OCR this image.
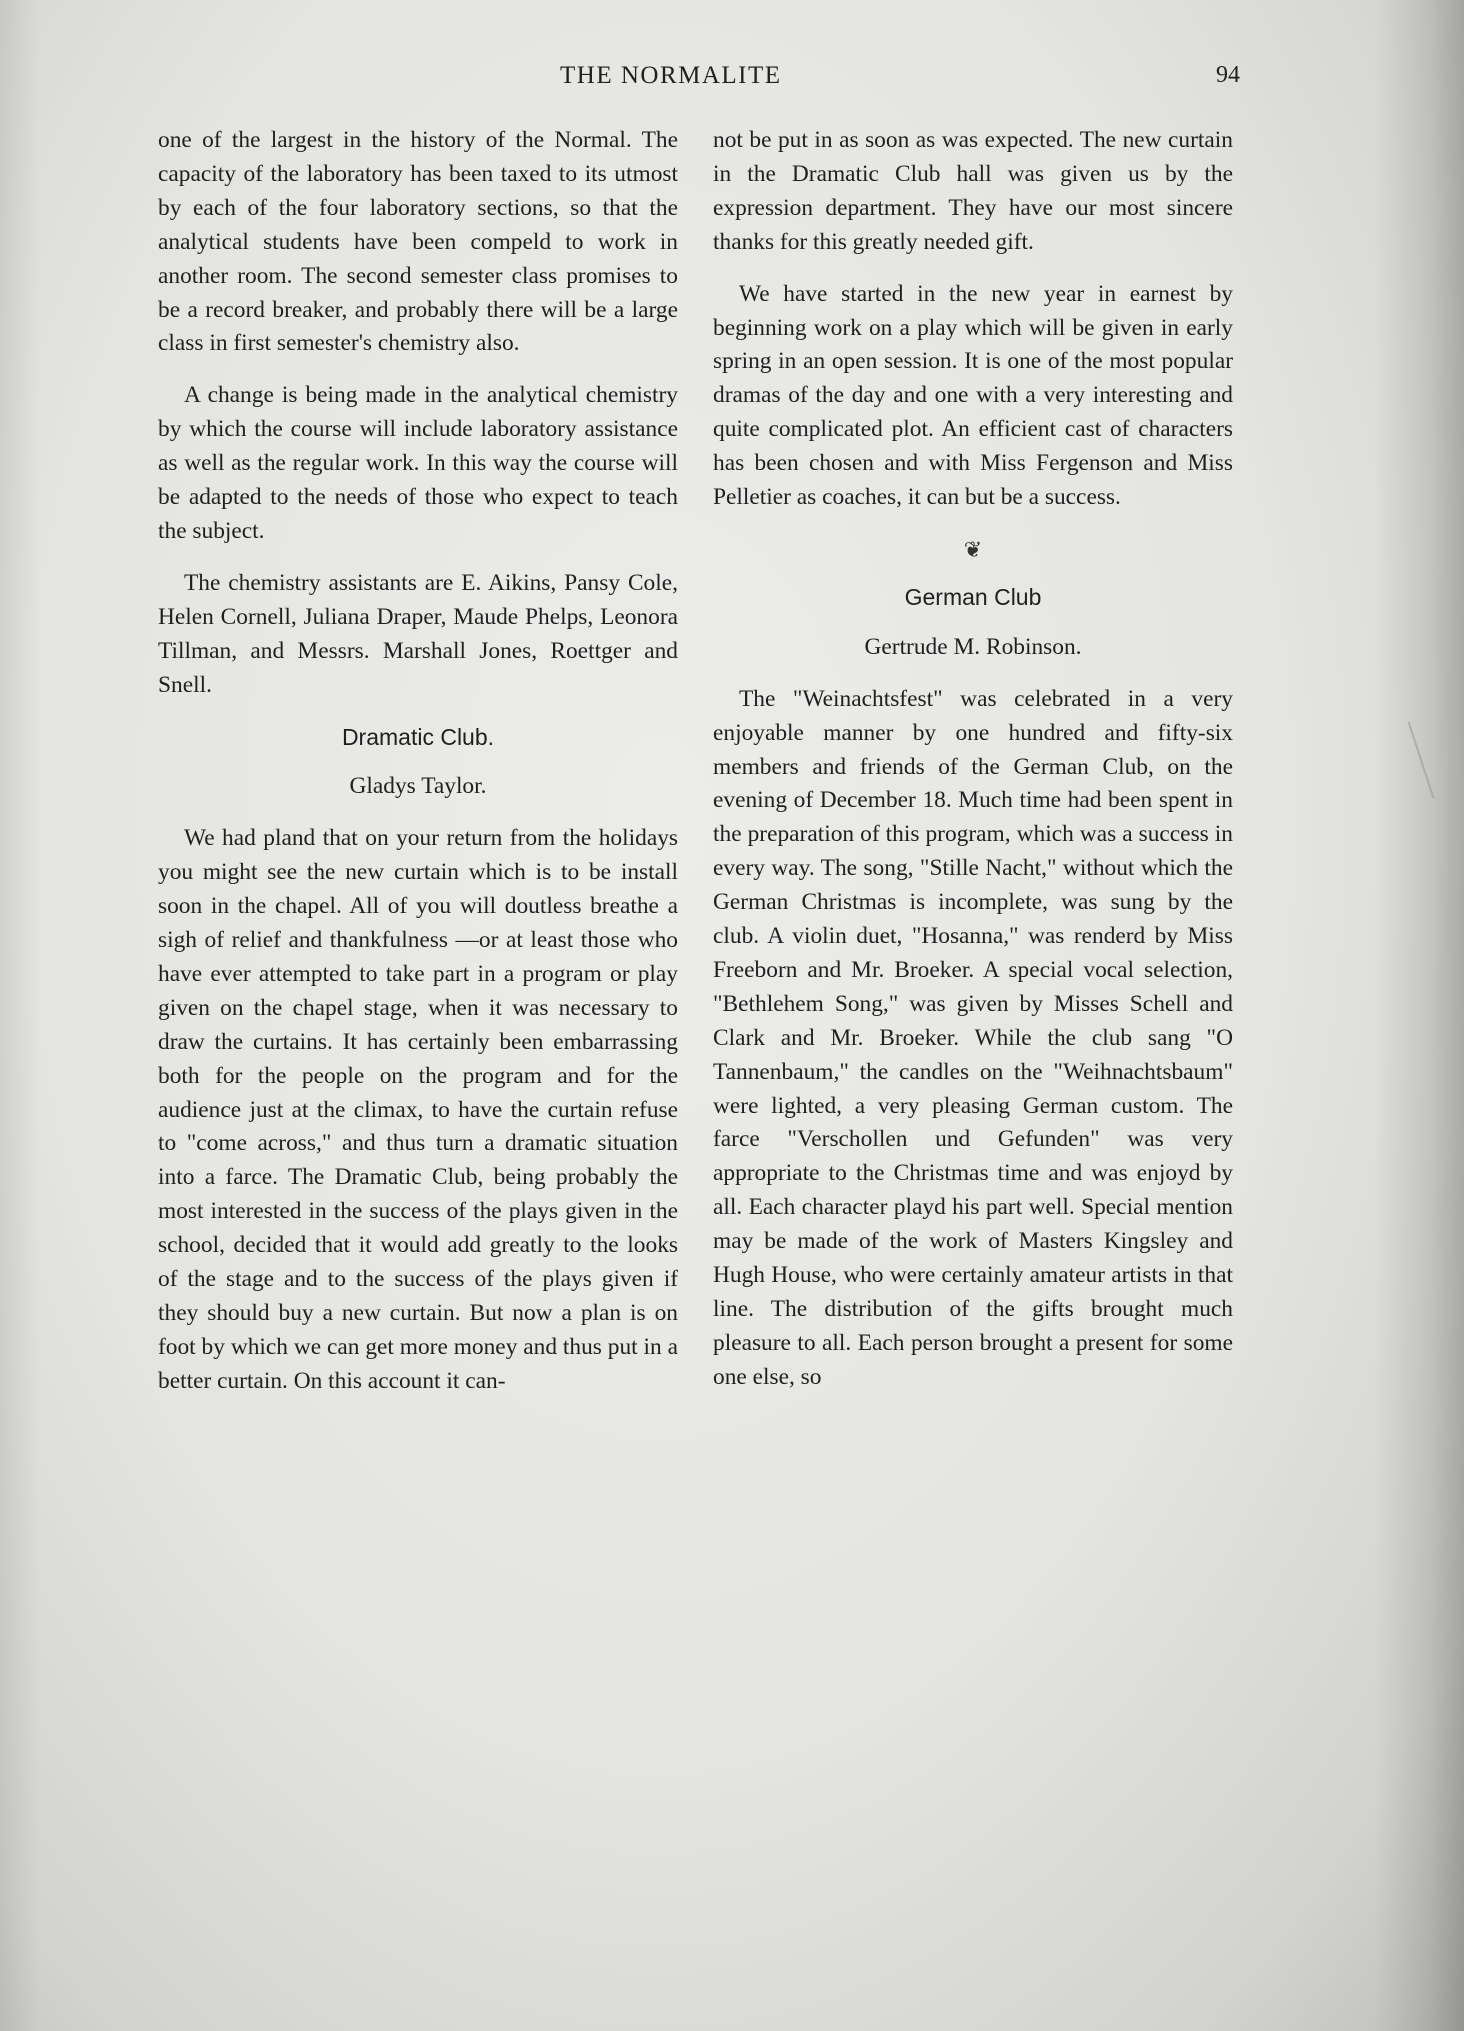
THE NORMALITE	94

one of the largest in the history of the Normal. The capacity of the laboratory has been taxed to its utmost by each of the four laboratory sections, so that the analytical students have been compeld to work in another room. The second semester class promises to be a record breaker, and probably there will be a large class in first semester's chemistry also.

A change is being made in the analytical chemistry by which the course will include laboratory assistance as well as the regular work. In this way the course will be adapted to the needs of those who expect to teach the subject.

The chemistry assistants are E. Aikins, Pansy Cole, Helen Cornell, Juliana Draper, Maude Phelps, Leonora Tillman, and Messrs. Marshall Jones, Roettger and Snell.

Dramatic Club.
Gladys Taylor.

We had pland that on your return from the holidays you might see the new curtain which is to be install soon in the chapel. All of you will doutless breathe a sigh of relief and thankfulness —or at least those who have ever attempted to take part in a program or play given on the chapel stage, when it was necessary to draw the curtains. It has certainly been embarrassing both for the people on the program and for the audience just at the climax, to have the curtain refuse to "come across," and thus turn a dramatic situation into a farce. The Dramatic Club, being probably the most interested in the success of the plays given in the school, decided that it would add greatly to the looks of the stage and to the success of the plays given if they should buy a new curtain. But now a plan is on foot by which we can get more money and thus put in a better curtain. On this account it can-

not be put in as soon as was expected. The new curtain in the Dramatic Club hall was given us by the expression department. They have our most sincere thanks for this greatly needed gift.

We have started in the new year in earnest by beginning work on a play which will be given in early spring in an open session. It is one of the most popular dramas of the day and one with a very interesting and quite complicated plot. An efficient cast of characters has been chosen and with Miss Fergenson and Miss Pelletier as coaches, it can but be a success.

❦
German Club
Gertrude M. Robinson.

The "Weinachtsfest" was celebrated in a very enjoyable manner by one hundred and fifty-six members and friends of the German Club, on the evening of December 18. Much time had been spent in the preparation of this program, which was a success in every way. The song, "Stille Nacht," without which the German Christmas is incomplete, was sung by the club. A violin duet, "Hosanna," was renderd by Miss Freeborn and Mr. Broeker. A special vocal selection, "Bethlehem Song," was given by Misses Schell and Clark and Mr. Broeker. While the club sang "O Tannenbaum," the candles on the "Weihnachtsbaum" were lighted, a very pleasing German custom. The farce "Verschollen und Gefunden" was very appropriate to the Christmas time and was enjoyd by all. Each character playd his part well. Special mention may be made of the work of Masters Kingsley and Hugh House, who were certainly amateur artists in that line. The distribution of the gifts brought much pleasure to all. Each person brought a present for some one else, so
